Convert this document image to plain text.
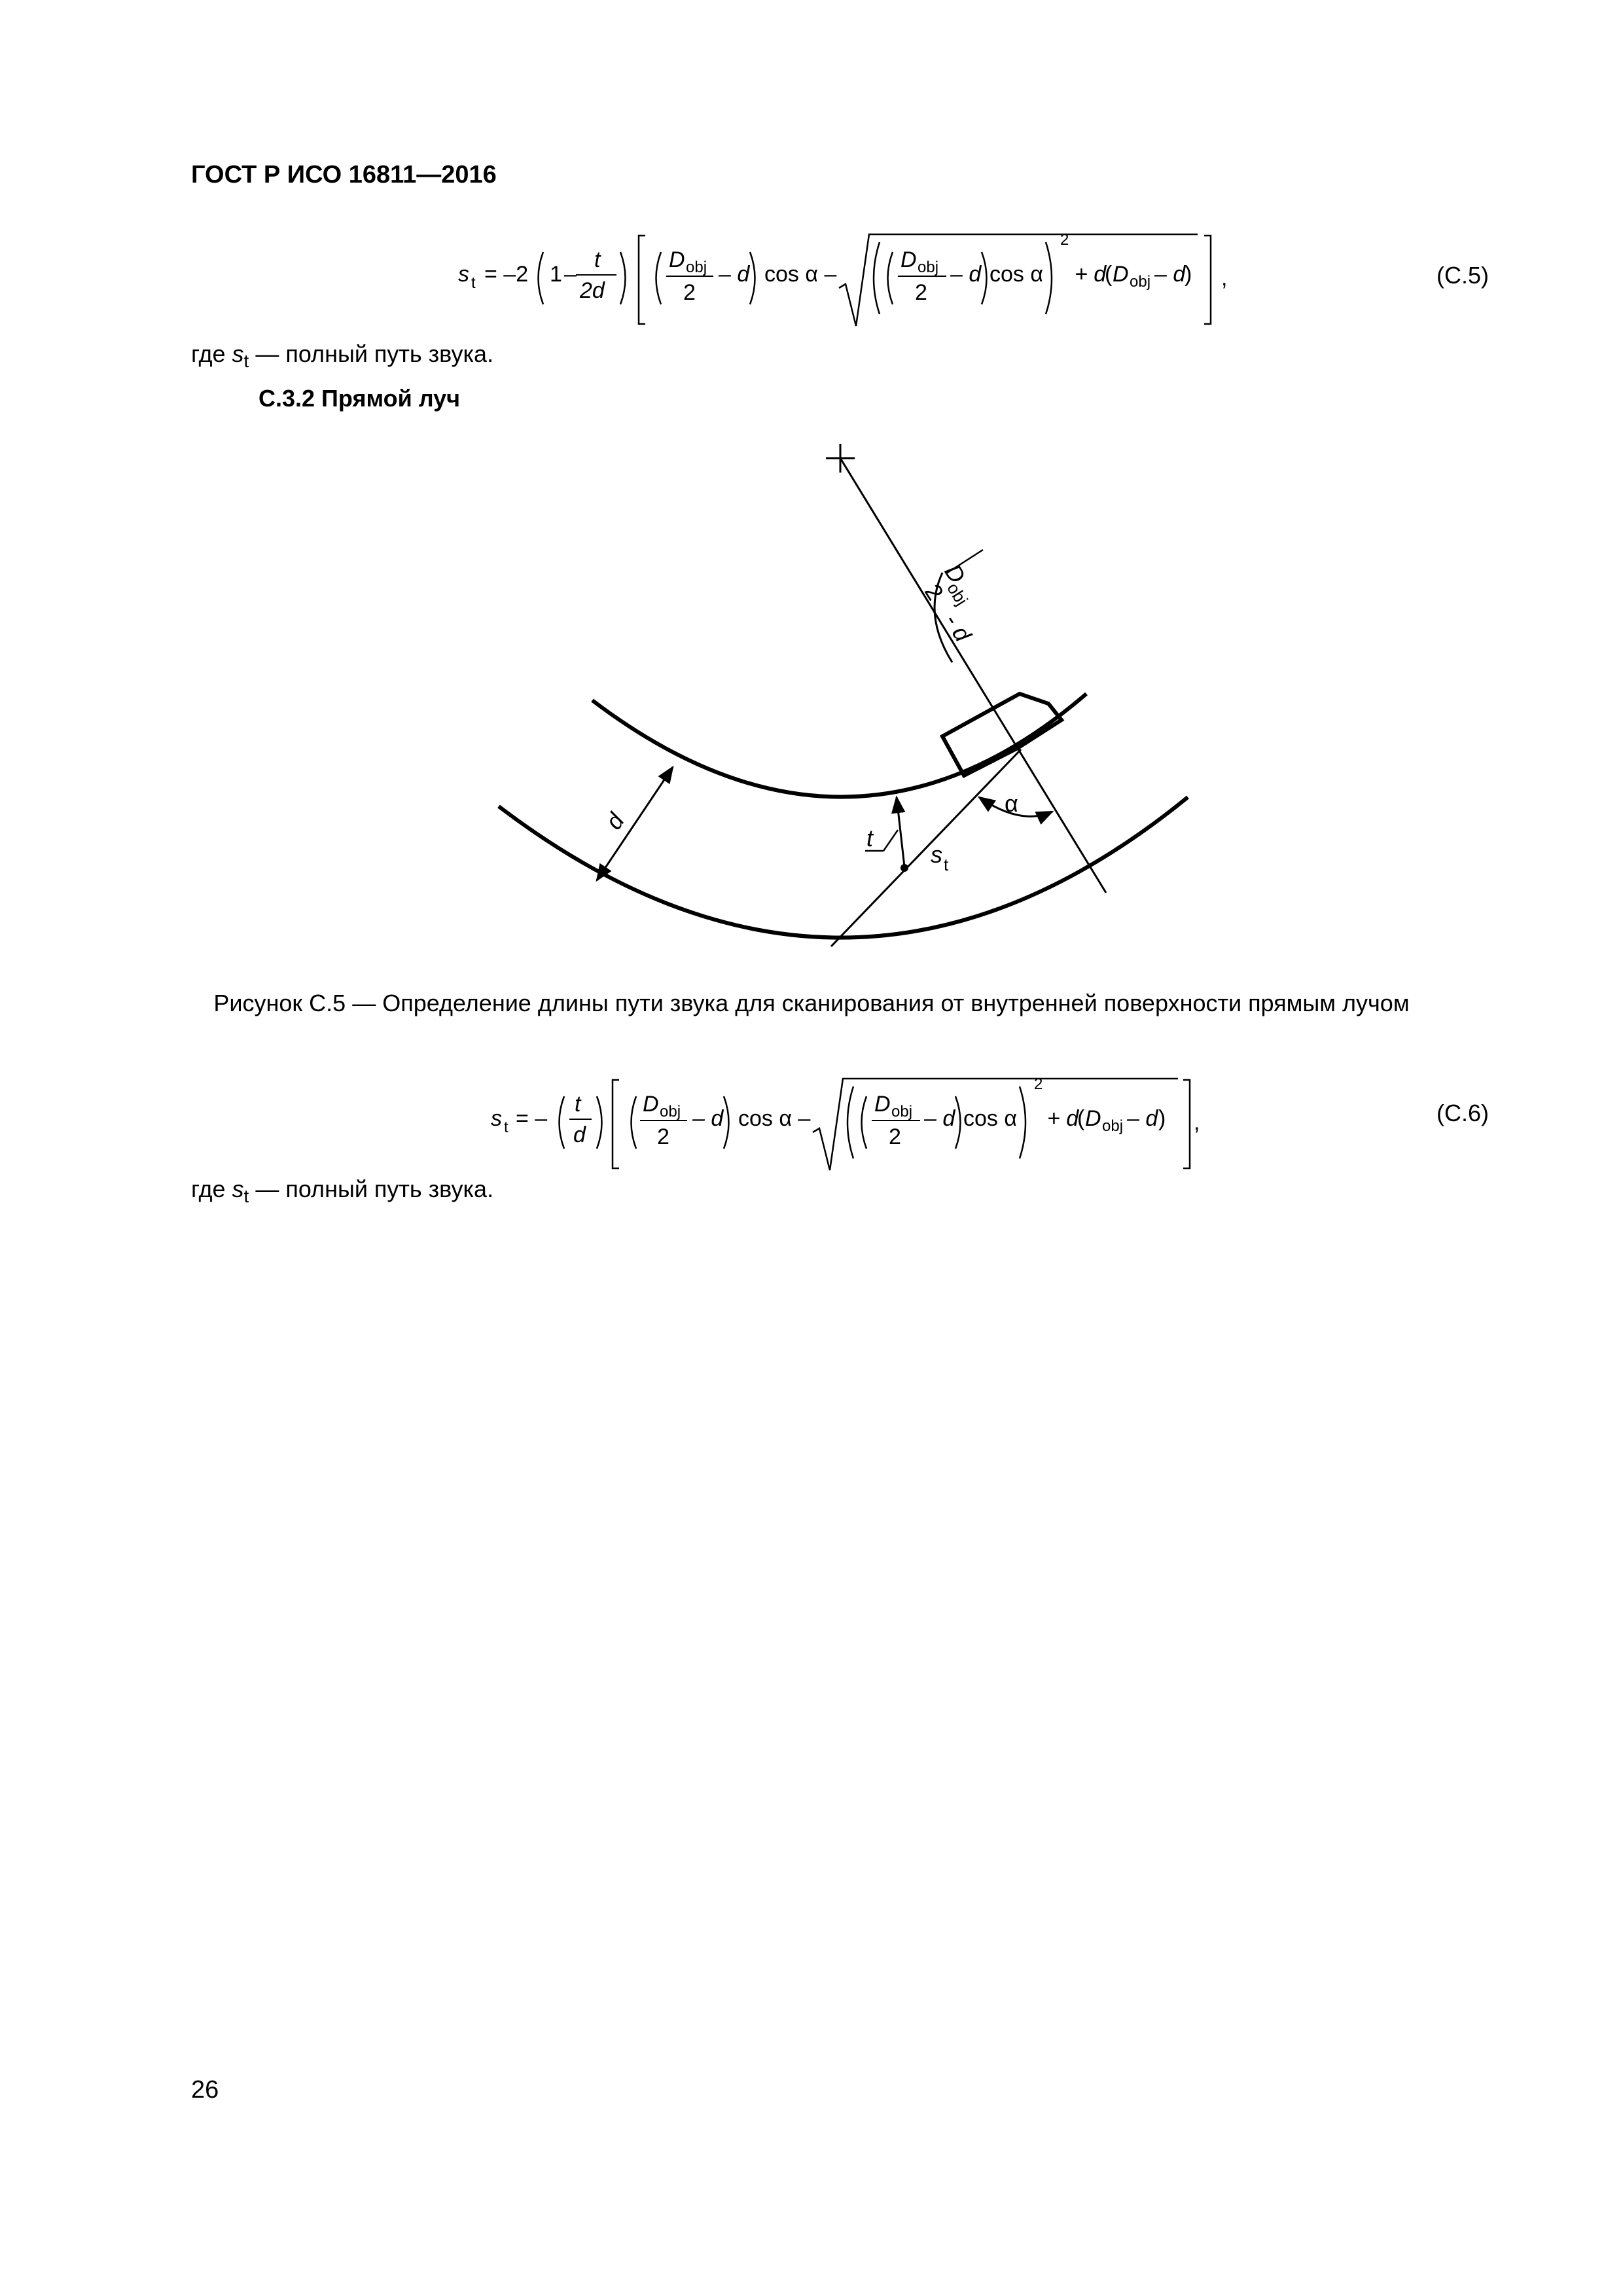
ГОСТ Р ИСО 16811—2016
s t = –2 1 –
t
2d
D obj
2
– d cos α –
D obj
2
– d cos α
2
+ d
( D obj – d
) ,	(C.5)
где $s_t$ — полный путь звука.
C.3.2 Прямой луч
d
t
s t
α
D
obj
2
- d
Рисунок C.5 — Определение длины пути звука для сканирования от внутренней поверхности прямым лучом
s t = –
t
d
D obj
2
– d cos α –
D obj
2
– d cos α
2
+ d
( D obj – d ) ,	(C.6)
где $s_t$ — полный путь звука.
26
